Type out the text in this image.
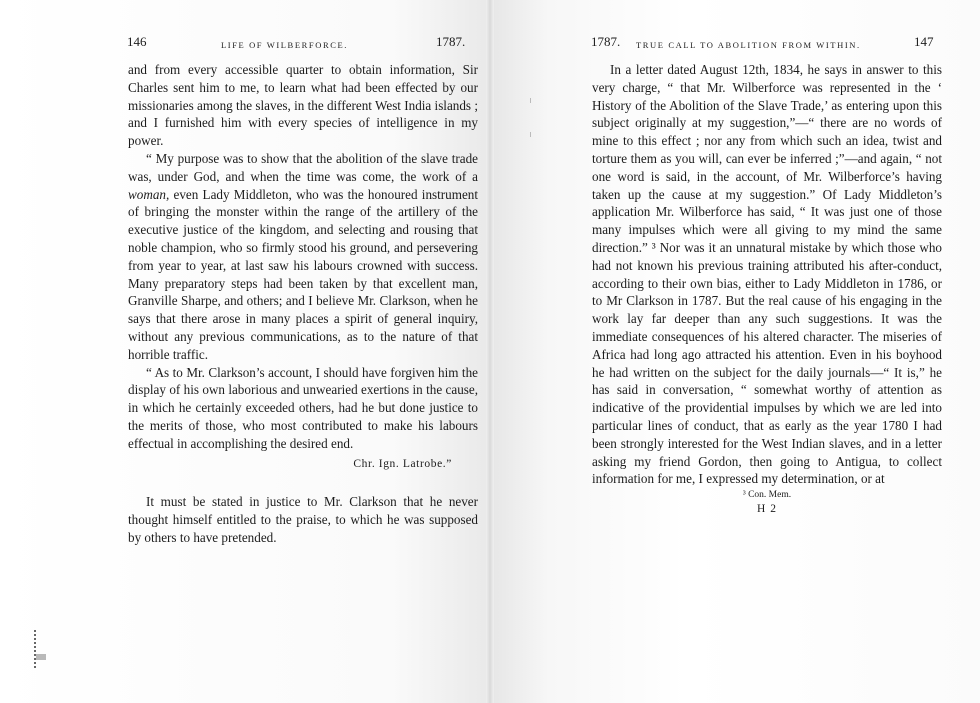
146	LIFE OF WILBERFORCE.	1787.	1787. TRUE CALL TO ABOLITION FROM WITHIN.	147

and from every accessible quarter to obtain information, Sir Charles sent him to me, to learn what had been effected by our missionaries among the slaves, in the different West India islands ; and I furnished him with every species of intelligence in my power.

“ My purpose was to show that the abolition of the slave trade was, under God, and when the time was come, the work of a woman, even Lady Middleton, who was the honoured instrument of bringing the monster within the range of the artillery of the executive justice of the kingdom, and selecting and rousing that noble champion, who so firmly stood his ground, and persevering from year to year, at last saw his labours crowned with success. Many preparatory steps had been taken by that excellent man, Granville Sharpe, and others; and I believe Mr. Clarkson, when he says that there arose in many places a spirit of general inquiry, without any previous communications, as to the nature of that horrible traffic.

“ As to Mr. Clarkson’s account, I should have forgiven him the display of his own laborious and unwearied exertions in the cause, in which he certainly exceeded others, had he but done justice to the merits of those, who most contributed to make his labours effectual in accomplishing the desired end.

Chr. Ign. Latrobe.”

It must be stated in justice to Mr. Clarkson that he never thought himself entitled to the praise, to which he was supposed by others to have pretended.

In a letter dated August 12th, 1834, he says in answer to this very charge, “ that Mr. Wilberforce was represented in the ‘ History of the Abolition of the Slave Trade,’ as entering upon this subject originally at my suggestion,”—“ there are no words of mine to this effect ; nor any from which such an idea, twist and torture them as you will, can ever be inferred ;”—and again, “ not one word is said, in the account, of Mr. Wilberforce’s having taken up the cause at my suggestion.” Of Lady Middleton’s application Mr. Wilberforce has said, “ It was just one of those many impulses which were all giving to my mind the same direction.” ³ Nor was it an unnatural mistake by which those who had not known his previous training attributed his after-conduct, according to their own bias, either to Lady Middleton in 1786, or to Mr Clarkson in 1787. But the real cause of his engaging in the work lay far deeper than any such suggestions. It was the immediate consequences of his altered character. The miseries of Africa had long ago attracted his attention. Even in his boyhood he had written on the subject for the daily journals—“ It is,” he has said in conversation, “ somewhat worthy of attention as indicative of the providential impulses by which we are led into particular lines of conduct, that as early as the year 1780 I had been strongly interested for the West Indian slaves, and in a letter asking my friend Gordon, then going to Antigua, to collect information for me, I expressed my determination, or at

³ Con. Mem.

H 2
